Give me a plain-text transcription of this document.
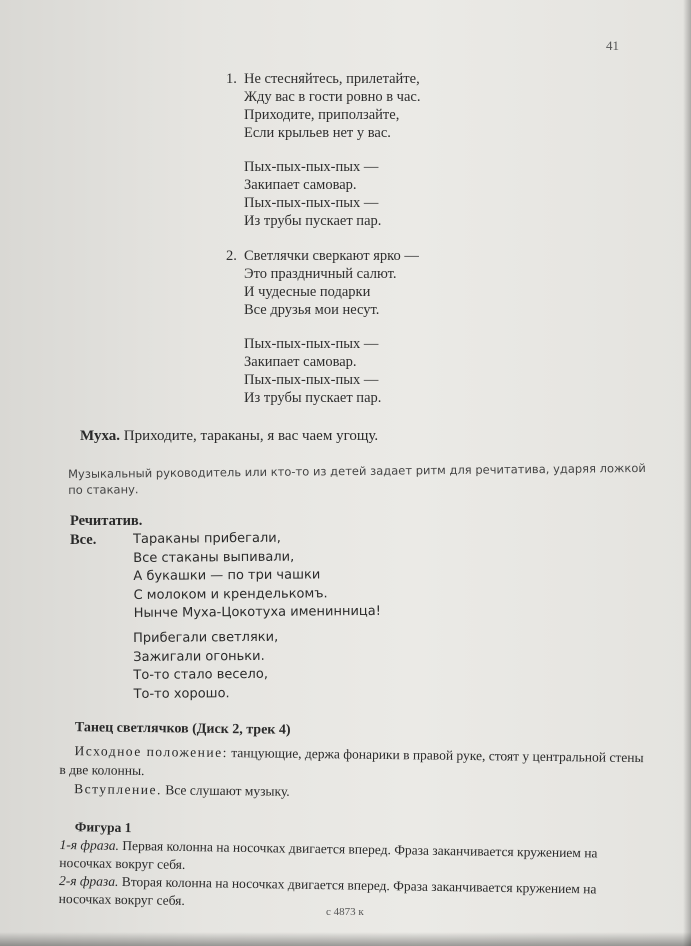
41
1. Не стесняйтесь, прилетайте,
Жду вас в гости ровно в час.
Приходите, приползайте,
Если крыльев нет у вас.
Пых-пых-пых-пых —
Закипает самовар.
Пых-пых-пых-пых —
Из трубы пускает пар.
2. Светлячки сверкают ярко —
Это праздничный салют.
И чудесные подарки
Все друзья мои несут.
Пых-пых-пых-пых —
Закипает самовар.
Пых-пых-пых-пых —
Из трубы пускает пар.
Муха. Приходите, тараканы, я вас чаем угощу.
Музыкальный руководитель или кто-то из детей задает ритм для речитатива, ударяя ложкой по стакану.
Речитатив.
Все.	Тараканы прибегали,
Все стаканы выпивали,
А букашки — по три чашки
С молоком и кренделькомъ.
Нынче Муха-Цокотуха именинница!
Прибегали светляки,
Зажигали огоньки.
То-то стало весело,
То-то хорошо.
Танец светлячков (Диск 2, трек 4)

Исходное положение: танцующие, держа фонарики в правой руке, стоят у центральной стены в две колонны.

Вступление. Все слушают музыку.

Фигура 1

1-я фраза. Первая колонна на носочках двигается вперед. Фраза заканчивается кружением на носочках вокруг себя.

2-я фраза. Вторая колонна на носочках двигается вперед. Фраза заканчивается кружением на носочках вокруг себя.

с 4873 к
